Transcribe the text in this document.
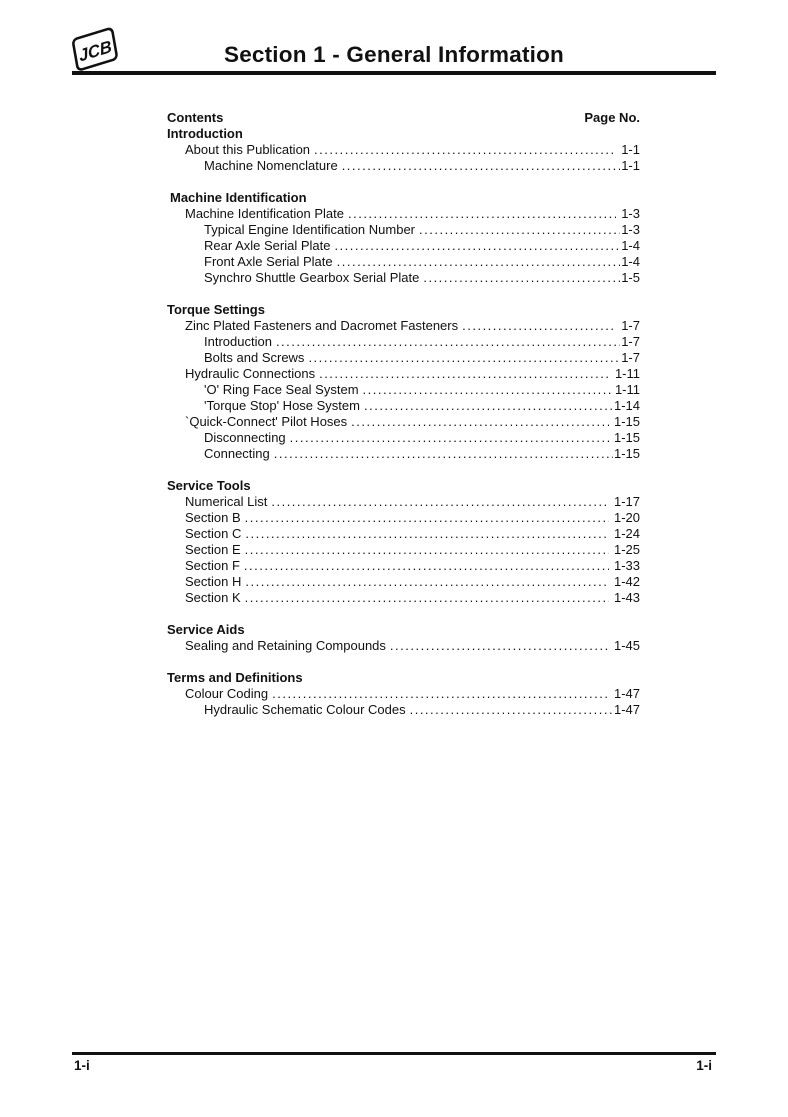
JCB	Section 1 - General Information
Contents	Page No.
Introduction
About this Publication .....	1-1
Machine Nomenclature .....	1-1
Machine Identification
Machine Identification Plate .....	1-3
Typical Engine Identification Number .....	1-3
Rear Axle Serial Plate .....	1-4
Front Axle Serial Plate .....	1-4
Synchro Shuttle Gearbox Serial Plate .....	1-5
Torque Settings
Zinc Plated Fasteners and Dacromet Fasteners .....	1-7
Introduction .....	1-7
Bolts and Screws .....	1-7
Hydraulic Connections .....	1-11
'O' Ring Face Seal System .....	1-11
'Torque Stop' Hose System .....	1-14
`Quick-Connect' Pilot Hoses .....	1-15
Disconnecting .....	1-15
Connecting .....	1-15
Service Tools
Numerical List .....	1-17
Section B .....	1-20
Section C .....	1-24
Section E .....	1-25
Section F .....	1-33
Section H .....	1-42
Section K .....	1-43
Service Aids
Sealing and Retaining Compounds .....	1-45
Terms and Definitions
Colour Coding .....	1-47
Hydraulic Schematic Colour Codes .....	1-47
1-i	1-i
